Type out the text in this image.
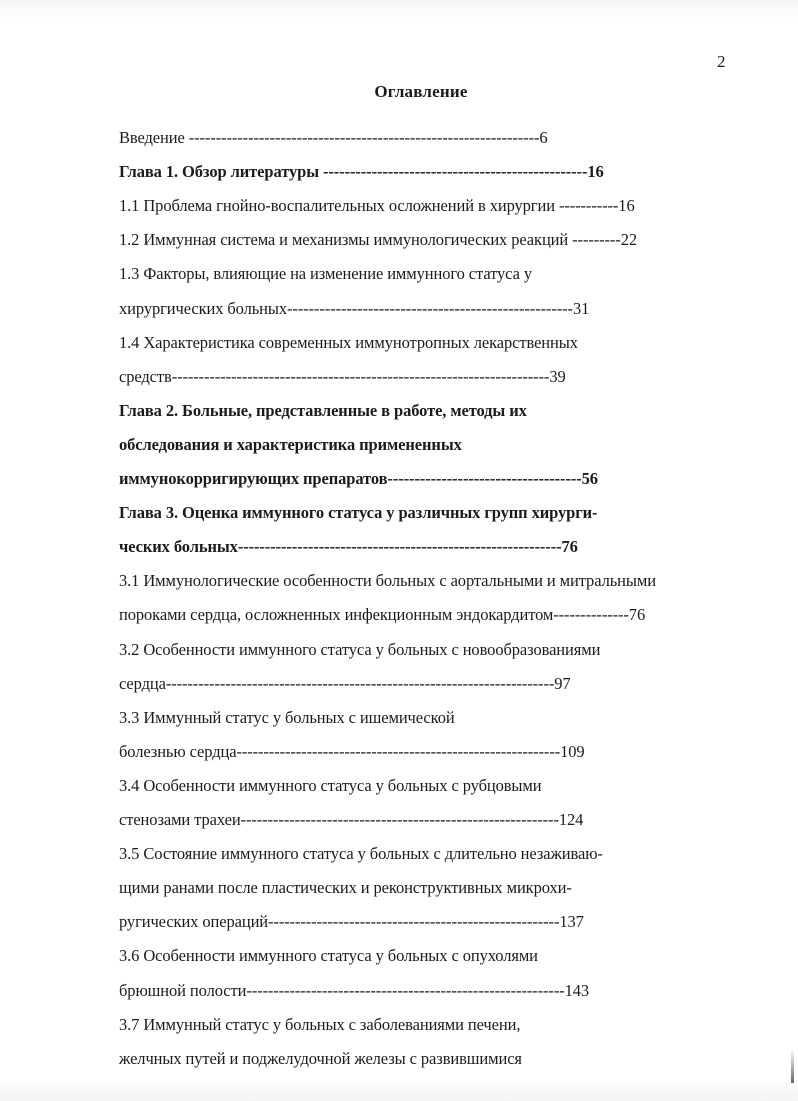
2
Оглавление
Введение -----------------------------------------------------------------6
Глава 1. Обзор литературы -------------------------------------------------16
1.1 Проблема гнойно-воспалительных осложнений в хирургии -----------16
1.2 Иммунная система и механизмы иммунологических реакций ---------22
1.3 Факторы, влияющие на изменение иммунного статуса у
хирургических больных-----------------------------------------------------31
1.4 Характеристика современных иммунотропных лекарственных
средств----------------------------------------------------------------------39
Глава 2. Больные, представленные в работе, методы их
обследования и характеристика примененных
иммунокорригирующих препаратов------------------------------------56
Глава 3. Оценка иммунного статуса у различных групп хирурги-
ческих больных------------------------------------------------------------76
3.1 Иммунологические особенности больных с аортальными и митральными
пороками сердца, осложненных инфекционным эндокардитом--------------76
3.2 Особенности иммунного статуса у больных с новообразованиями
сердца------------------------------------------------------------------------97
3.3 Иммунный статус у больных с ишемической
болезнью сердца------------------------------------------------------------109
3.4 Особенности иммунного статуса у больных с рубцовыми
стенозами трахеи-----------------------------------------------------------124
3.5 Состояние иммунного статуса у больных с длительно незаживаю-
щими ранами после пластических и реконструктивных микрохи-
ругических операций------------------------------------------------------137
3.6 Особенности иммунного статуса у больных с опухолями
брюшной полости-----------------------------------------------------------143
3.7 Иммунный статус у больных с заболеваниями печени,
желчных путей и поджелудочной железы с развившимися
